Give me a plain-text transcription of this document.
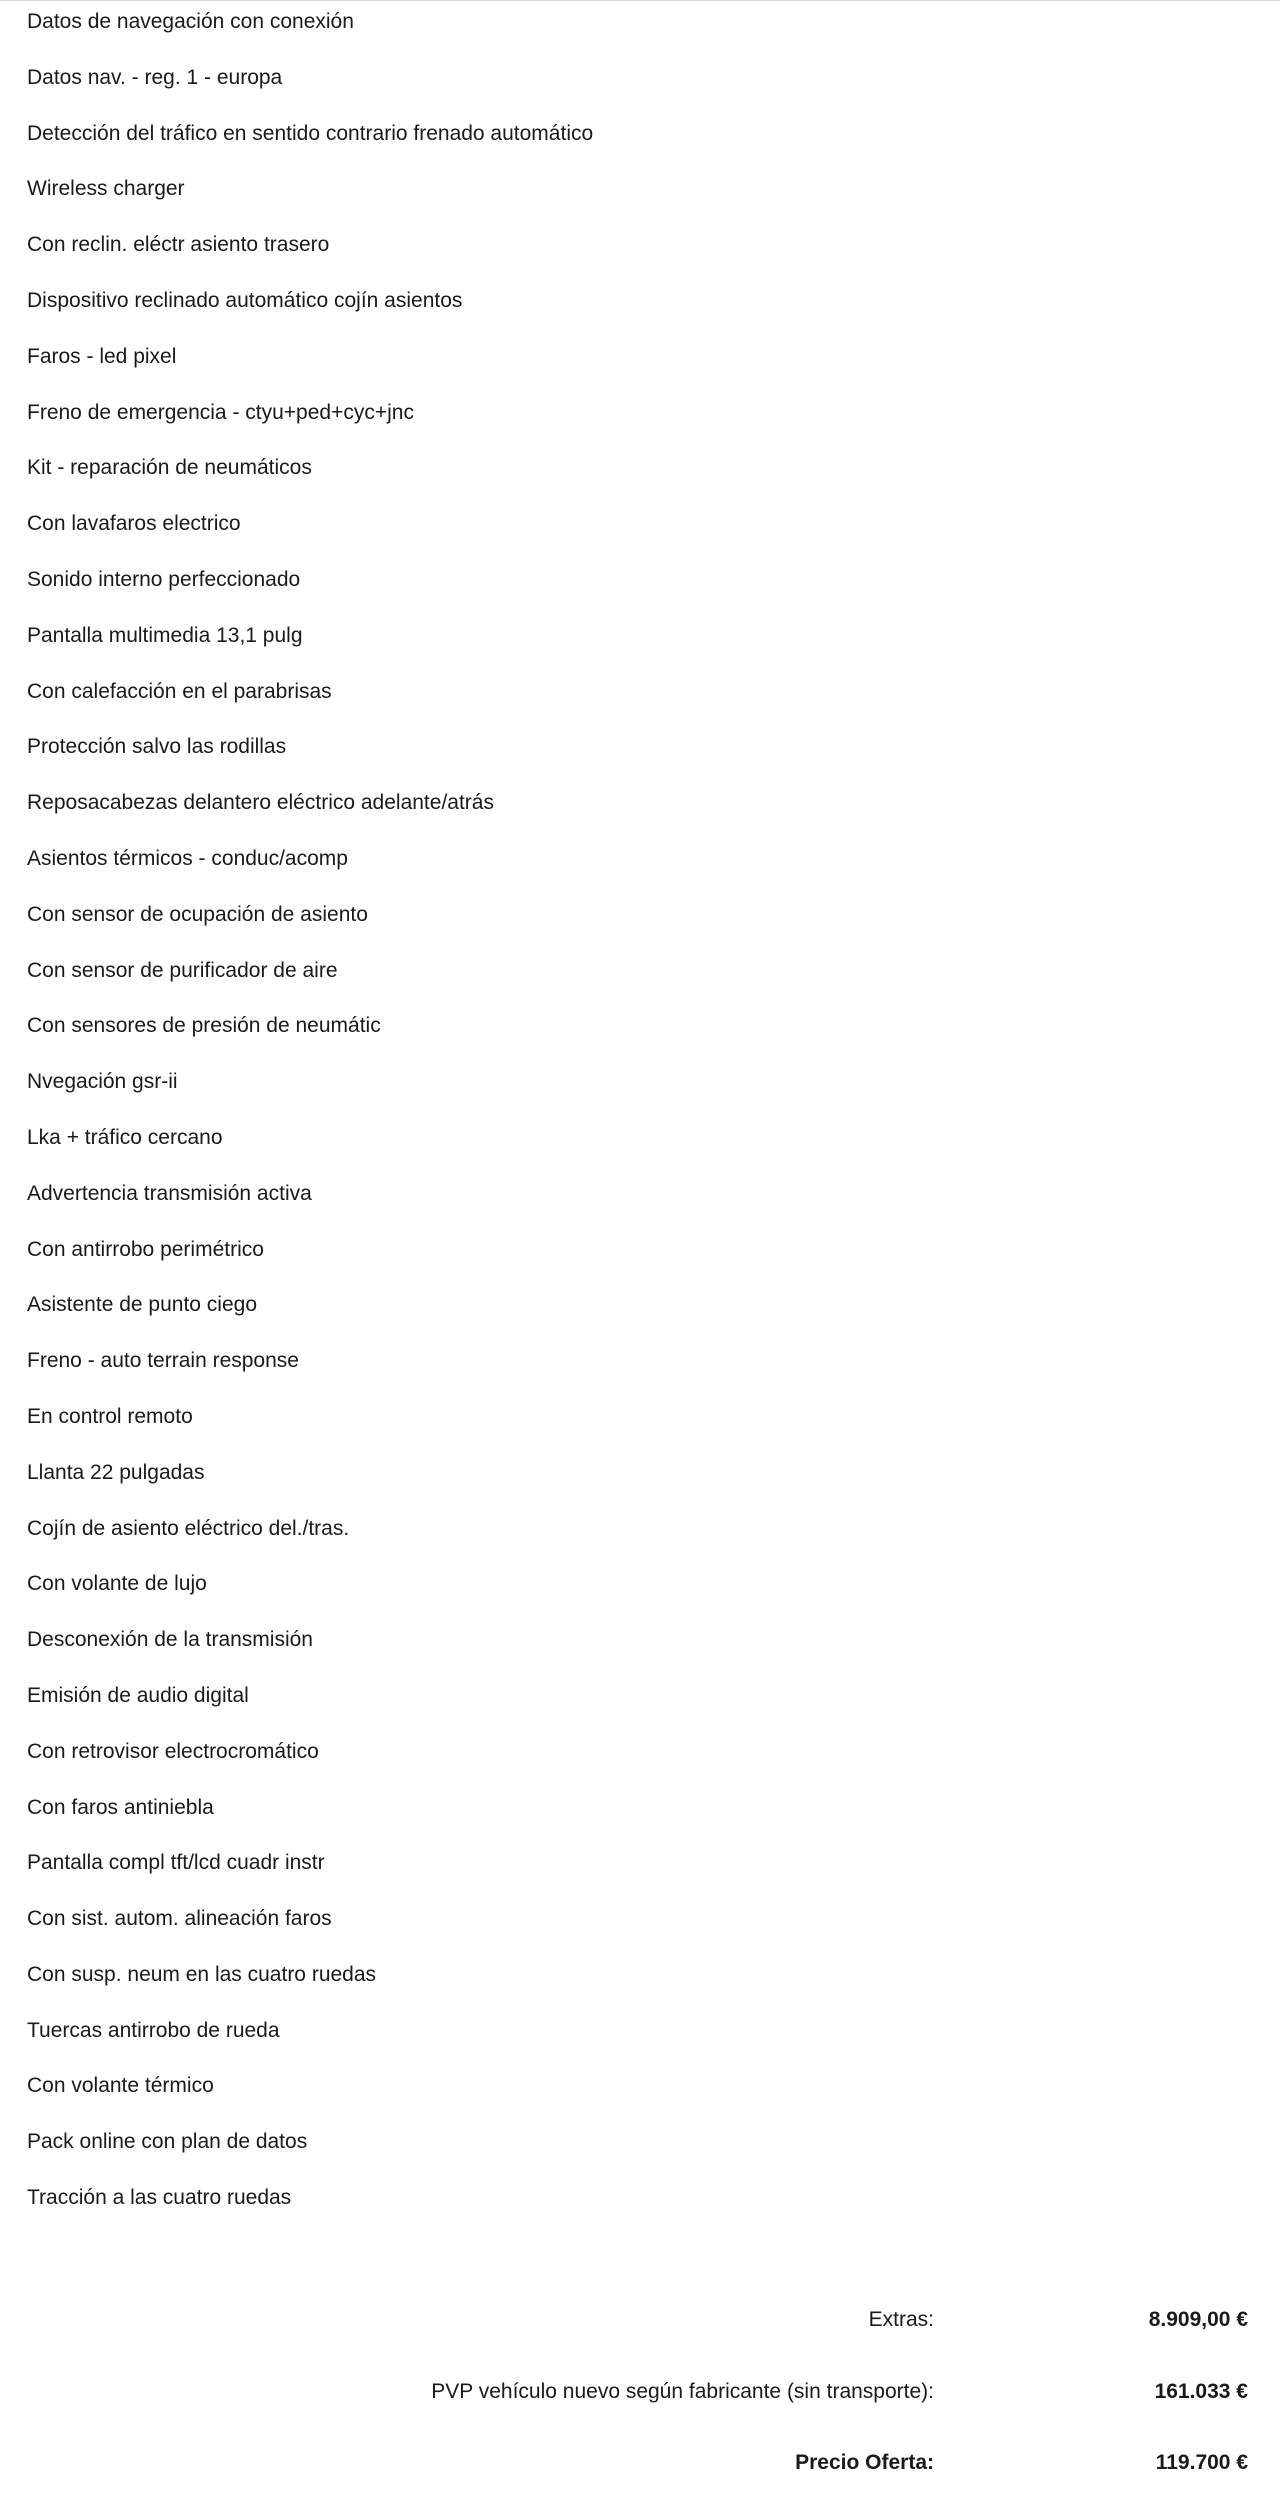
Datos de navegación con conexión
Datos nav. - reg. 1 - europa
Detección del tráfico en sentido contrario frenado automático
Wireless charger
Con reclin. eléctr asiento trasero
Dispositivo reclinado automático cojín asientos
Faros - led pixel
Freno de emergencia - ctyu+ped+cyc+jnc
Kit - reparación de neumáticos
Con lavafaros electrico
Sonido interno perfeccionado
Pantalla multimedia 13,1 pulg
Con calefacción en el parabrisas
Protección salvo las rodillas
Reposacabezas delantero eléctrico adelante/atrás
Asientos térmicos - conduc/acomp
Con sensor de ocupación de asiento
Con sensor de purificador de aire
Con sensores de presión de neumátic
Nvegación gsr-ii
Lka + tráfico cercano
Advertencia transmisión activa
Con antirrobo perimétrico
Asistente de punto ciego
Freno - auto terrain response
En control remoto
Llanta 22 pulgadas
Cojín de asiento eléctrico del./tras.
Con volante de lujo
Desconexión de la transmisión
Emisión de audio digital
Con retrovisor electrocromático
Con faros antiniebla
Pantalla compl tft/lcd cuadr instr
Con sist. autom. alineación faros
Con susp. neum en las cuatro ruedas
Tuercas antirrobo de rueda
Con volante térmico
Pack online con plan de datos
Tracción a las cuatro ruedas
Extras:	8.909,00 €
PVP vehículo nuevo según fabricante (sin transporte):	161.033 €
Precio Oferta:	119.700 €
